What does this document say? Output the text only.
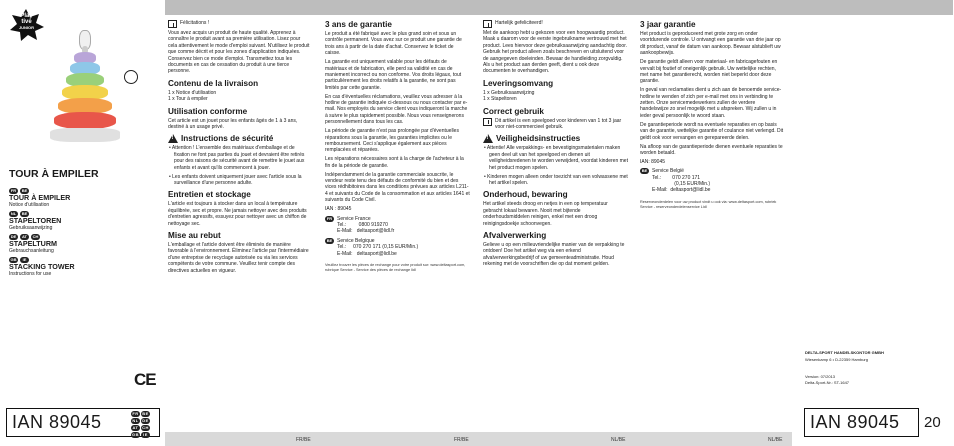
FR/BE	FR/BE	NL/BE	NL/BE
Play
tive
JUNIOR
TOUR À EMPILER
FR	BE
TOUR À EMPILER
Notice d'utilisation
NL	BE
STAPELTOREN
Gebruiksaanwijzing
DE	AT	CH
STAPELTURM
Gebrauchsanleitung
GB	IE
STACKING TOWER
Instructions for use
CE
IAN 89045	FR BE
NL DE
AT CH
GB	IE
Félicitations !

Vous avez acquis un produit de haute qualité. Apprenez à connaître le produit avant sa première utilisation. Lisez pour cela attentivement le mode d'emploi suivant. N'utilisez le produit que comme décrit et pour les zones d'application indiquées. Conservez bien ce mode d'emploi. Transmettez tous les documents en cas de cessation du produit à une tierce personne.

Contenu de la livraison
1 x Notice d'utilisation
1 x Tour à empiler
Utilisation conforme

Cet article est un jouet pour les enfants âgés de 1 à 3 ans, destiné à un usage privé.

!
Instructions de sécurité

• Attention ! L'ensemble des matériaux d'emballage et de fixation ne font pas parties du jouet et devraient être retirés pour des raisons de sécurité avant de remettre le jouet aux enfants et avant qu'ils commencent à jouer.

• Les enfants doivent uniquement jouer avec l'article sous la surveillance d'une personne adulte.

Entretien et stockage

L'article est toujours à stocker dans un local à température équilibrée, sec et propre. Ne jamais nettoyer avec des produits d'entretien agressifs, essuyez pour nettoyer avec un chiffon de nettoyage sec.

Mise au rebut

L'emballage et l'article doivent être éliminés de manière favorable à l'environnement. Éliminez l'article par l'intermédiaire d'une entreprise de recyclage autorisée ou via les services compétents de votre commune. Veuillez tenir compte des directives actuelles en vigueur.

3 ans de garantie

Le produit a été fabriqué avec le plus grand soin et sous un contrôle permanent. Vous avez sur ce produit une garantie de trois ans à partir de la date d'achat. Conservez le ticket de caisse.

La garantie est uniquement valable pour les défauts de matériaux et de fabrication, elle perd sa validité en cas de maniement incorrect ou non conforme. Vos droits légaux, tout particulièrement les droits relatifs à la garantie, ne sont pas limités par cette garantie.

En cas d'éventuelles réclamations, veuillez vous adresser à la hotline de garantie indiquée ci-dessous ou nous contacter par e-mail. Nos employés du service client vous indiqueront la marche à suivre le plus rapidement possible. Nous vous renseignerons personnellement dans tous les cas.

La période de garantie n'est pas prolongée par d'éventuelles réparations sous la garantie, les garanties implicites ou le remboursement. Ceci s'applique également aux pièces remplacées et réparées.

Les réparations nécessaires sont à la charge de l'acheteur à la fin de la période de garantie.

Indépendamment de la garantie commerciale souscrite, le vendeur reste tenu des défauts de conformité du bien et des vices rédhibitoires dans les conditions prévues aux articles L211-4 et suivants du Code de la consommation et aux articles 1641 et suivants du Code Civil.

IAN : 89045
FR Service France
Tel.:         0800 919270
E-Mail:   deltasport@lidl.fr
BE Service Belgique
Tel.:     070 270 171 (0,15 EUR/Min.)
E-Mail:   deltasport@lidl.be
Veuillez trouver les pièces de rechange pour votre produit sur: www.deltasport.com, rubrique Service - Service des pièces de rechange lidl
Hartelijk gefeliciteerd!

Met de aankoop hebt u gekozen voor een hoogwaardig product. Maak u daarom voor de eerste ingebruikname vertrouwd met het product. Lees hiervoor deze gebruiksaanwijzing aandachtig door. Gebruik het product alleen zoals beschreven en uitsluitend voor de aangegeven doeleinden. Bewaar de handleiding zorgvuldig. Als u het product aan derden geeft, dient u ook deze documenten te overhandigen.

Leveringsomvang
1 x Gebruiksaanwijzing
1 x Stapeltoren
Correct gebruik
Dit artikel is een speelgoed voor kinderen van 1 tot 3 jaar voor niet-commercieel gebruik.
!
Veiligheidsinstructies

• Attentie! Alle verpakkings- en bevestigingsmaterialen maken geen deel uit van het speelgoed en dienen uit veiligheidsredenen te worden verwijderd, voordat kinderen met het product mogen spelen.

• Kinderen mogen alleen onder toezicht van een volwassene met het artikel spelen.

Onderhoud, bewaring

Het artikel steeds droog en netjes in een op temperatuur gebracht lokaal bewaren. Nooit met bijtende onderhoudsmiddelen reinigen, enkel met een droog reinigingsdoekje schoonvegen.

Afvalverwerking

Gelieve u op een milieuvriendelijke manier van de verpakking te ontdoen! Doe het artikel weg via een erkend afvalverwerkingsbedrijf of uw gemeenteadministratie. Houd rekening met de voorschriften die op dat moment gelden.

3 jaar garantie

Het product is geproduceerd met grote zorg en onder voortdurende controle. U ontvangt een garantie van drie jaar op dit product, vanaf de datum van aankoop. Bewaar alstublieft uw aankoopbewijs.

De garantie geldt alleen voor materiaal- en fabricagefouten en vervalt bij foutief of oneigenlijk gebruik. Uw wettelijke rechten, met name het garantierecht, worden niet beperkt door deze garantie.

In geval van reclamaties dient u zich aan de benoemde service-hotline te wenden of zich per e-mail met ons in verbinding te zetten. Onze servicemedewerkers zullen de verdere handelswijze zo snel mogelijk met u afspreken. Wij zullen u in ieder geval persoonlijk te woord staan.

De garantieperiode wordt na eventuele reparaties en op basis van de garantie, wettelijke garantie of coulance niet verlengd. Dit geldt ook voor vervangen en gerepareerde delen.

Na afloop van de garantieperiode dienen eventuele reparaties te worden betaald.

IAN: 89045
BE Service België
Tel.:        070 270 171
(0,15 EUR/Min.)
E-Mail:  deltasport@lidl.be
Reserveonderdelen voor uw product vindt u ook via: www.deltasport.com, rubriek Service - reserveonderdelenservice Lidl
DELTA-SPORT HANDELSKONTOR GMBH
Wiesenkamp 6 • D-22359 Hamburg
Version: 07/2013
Delta-Sport-Nr.: ST-1647
IAN 89045	20
